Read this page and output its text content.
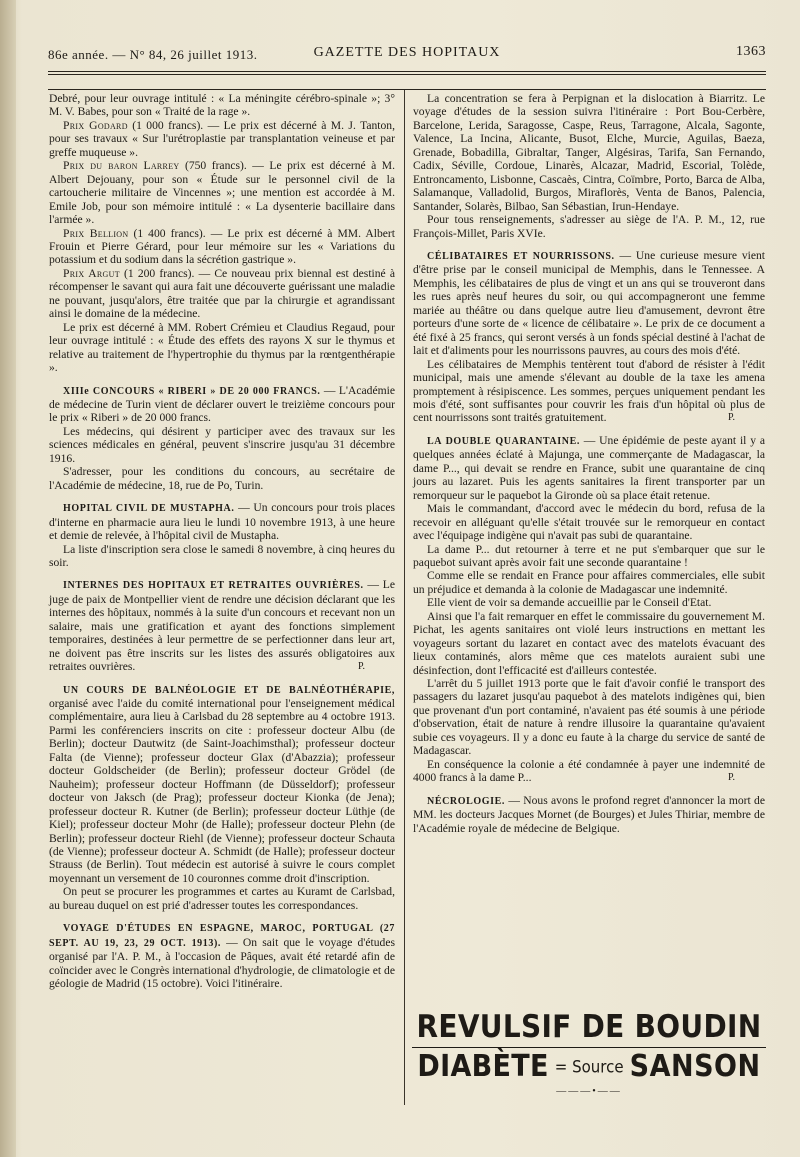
86e année. — N° 84, 26 juillet 1913.	GAZETTE DES HOPITAUX	1363

Debré, pour leur ouvrage intitulé : « La méningite cérébro-spinale »; 3° M. V. Babes, pour son « Traité de la rage ».

Prix Godard (1 000 francs). — Le prix est décerné à M. J. Tanton, pour ses travaux « Sur l'urétroplastie par transplantation veineuse et par greffe muqueuse ».

Prix du baron Larrey (750 francs). — Le prix est décerné à M. Albert Dejouany, pour son « Étude sur le personnel civil de la cartoucherie militaire de Vincennes »; une mention est accordée à M. Emile Job, pour son mémoire intitulé : « La dysenterie bacillaire dans l'armée ».

Prix Bellion (1 400 francs). — Le prix est décerné à MM. Albert Frouin et Pierre Gérard, pour leur mémoire sur les « Variations du potassium et du sodium dans la sécrétion gastrique ».

Prix Argut (1 200 francs). — Ce nouveau prix biennal est destiné à récompenser le savant qui aura fait une découverte guérissant une maladie ne pouvant, jusqu'alors, être traitée que par la chirurgie et agrandissant ainsi le domaine de la médecine.

Le prix est décerné à MM. Robert Crémieu et Claudius Regaud, pour leur ouvrage intitulé : « Étude des effets des rayons X sur le thymus et relative au traitement de l'hypertrophie du thymus par la rœntgenthérapie ».

XIIIe CONCOURS « RIBERI » DE 20 000 FRANCS. — L'Académie de médecine de Turin vient de déclarer ouvert le treizième concours pour le prix « Riberi » de 20 000 francs.

Les médecins, qui désirent y participer avec des travaux sur les sciences médicales en général, peuvent s'inscrire jusqu'au 31 décembre 1916.

S'adresser, pour les conditions du concours, au secrétaire de l'Académie de médecine, 18, rue de Po, Turin.

HOPITAL CIVIL DE MUSTAPHA. — Un concours pour trois places d'interne en pharmacie aura lieu le lundi 10 novembre 1913, à une heure et demie de relevée, à l'hôpital civil de Mustapha.

La liste d'inscription sera close le samedi 8 novembre, à cinq heures du soir.

INTERNES DES HOPITAUX ET RETRAITES OUVRIÈRES. — Le juge de paix de Montpellier vient de rendre une décision déclarant que les internes des hôpitaux, nommés à la suite d'un concours et recevant non un salaire, mais une gratification et ayant des fonctions simplement temporaires, destinées à leur permettre de se perfectionner dans leur art, ne doivent pas être inscrits sur les listes des assurés obligatoires aux retraites ouvrières.	P.

UN COURS DE BALNÉOLOGIE ET DE BALNÉOTHÉRAPIE, organisé avec l'aide du comité international pour l'enseignement médical complémentaire, aura lieu à Carlsbad du 28 septembre au 4 octobre 1913. Parmi les conférenciers inscrits on cite : professeur docteur Albu (de Berlin); docteur Dautwitz (de Saint-Joachimsthal); professeur docteur Falta (de Vienne); professeur docteur Glax (d'Abazzia); professeur docteur Goldscheider (de Berlin); professeur docteur Grödel (de Nauheim); professeur docteur Hoffmann (de Düsseldorf); professeur docteur von Jaksch (de Prag); professeur docteur Kionka (de Jena); professeur docteur R. Kutner (de Berlin); professeur docteur Lüthje (de Kiel); professeur docteur Mohr (de Halle); professeur docteur Plehn (de Berlin); professeur docteur Riehl (de Vienne); professeur docteur Schauta (de Vienne); professeur docteur A. Schmidt (de Halle); professeur docteur Strauss (de Berlin). Tout médecin est autorisé à suivre le cours complet moyennant un versement de 10 couronnes comme droit d'inscription.

On peut se procurer les programmes et cartes au Kuramt de Carlsbad, au bureau duquel on est prié d'adresser toutes les correspondances.

VOYAGE D'ÉTUDES EN ESPAGNE, MAROC, PORTUGAL (27 SEPT. AU 19, 23, 29 OCT. 1913). — On sait que le voyage d'études organisé par l'A. P. M., à l'occasion de Pâques, avait été retardé afin de coïncider avec le Congrès international d'hydrologie, de climatologie et de géologie de Madrid (15 octobre). Voici l'itinéraire.

La concentration se fera à Perpignan et la dislocation à Biarritz. Le voyage d'études de la session suivra l'itinéraire : Port Bou-Cerbère, Barcelone, Lerida, Saragosse, Caspe, Reus, Tarragone, Alcala, Sagonte, Valence, La Incina, Alicante, Busot, Elche, Murcie, Aguilas, Baeza, Grenade, Bobadilla, Gibraltar, Tanger, Algésiras, Tarifa, San Fernando, Cadix, Séville, Cordoue, Linarès, Alcazar, Madrid, Escorial, Tolède, Entroncamento, Lisbonne, Cascaès, Cintra, Coïmbre, Porto, Barca de Alba, Salamanque, Valladolid, Burgos, Miraflorès, Venta de Banos, Palencia, Santander, Solarès, Bilbao, San Sébastian, Irun-Hendaye.

Pour tous renseignements, s'adresser au siège de l'A. P. M., 12, rue François-Millet, Paris XVIe.

CÉLIBATAIRES ET NOURRISSONS. — Une curieuse mesure vient d'être prise par le conseil municipal de Memphis, dans le Tennessee. A Memphis, les célibataires de plus de vingt et un ans qui se trouveront dans les rues après neuf heures du soir, ou qui accompagneront une femme mariée au théâtre ou dans quelque autre lieu d'amusement, devront être porteurs d'une sorte de « licence de célibataire ». Le prix de ce document a été fixé à 25 francs, qui seront versés à un fonds spécial destiné à l'achat de lait et d'aliments pour les nourrissons pauvres, au cours des mois d'été.

Les célibataires de Memphis tentèrent tout d'abord de résister à l'édit municipal, mais une amende s'élevant au double de la taxe les amena promptement à résipiscence. Les sommes, perçues uniquement pendant les mois d'été, sont suffisantes pour couvrir les frais d'un hôpital où plus de cent nourrissons sont traités gratuitement.	P.

LA DOUBLE QUARANTAINE. — Une épidémie de peste ayant il y a quelques années éclaté à Majunga, une commerçante de Madagascar, la dame P..., qui devait se rendre en France, subit une quarantaine de cinq jours au lazaret. Puis les agents sanitaires la firent transporter par un remorqueur sur le paquebot la Gironde où sa place était retenue.

Mais le commandant, d'accord avec le médecin du bord, refusa de la recevoir en alléguant qu'elle s'était trouvée sur le remorqueur en contact avec l'équipage indigène qui n'avait pas subi de quarantaine.

La dame P... dut retourner à terre et ne put s'embarquer que sur le paquebot suivant après avoir fait une seconde quarantaine !

Comme elle se rendait en France pour affaires commerciales, elle subit un préjudice et demanda à la colonie de Madagascar une indemnité.

Elle vient de voir sa demande accueillie par le Conseil d'Etat.

Ainsi que l'a fait remarquer en effet le commissaire du gouvernement M. Pichat, les agents sanitaires ont violé leurs instructions en mettant les voyageurs sortant du lazaret en contact avec des matelots évacuant des lieux contaminés, alors même que ces matelots auraient subi une désinfection, dont l'efficacité est d'ailleurs contestée.

L'arrêt du 5 juillet 1913 porte que le fait d'avoir confié le transport des passagers du lazaret jusqu'au paquebot à des matelots indigènes qui, bien que provenant d'un port contaminé, n'avaient pas été soumis à une période d'observation, était de nature à rendre illusoire la quarantaine qu'avaient subie ces voyageurs. Il y a donc eu faute à la charge du service de santé de Madagascar.

En conséquence la colonie a été condamnée à payer une indemnité de 4000 francs à la dame P...	P.

NÉCROLOGIE. — Nous avons le profond regret d'annoncer la mort de MM. les docteurs Jacques Mornet (de Bourges) et Jules Thiriar, membre de l'Académie royale de médecine de Belgique.

REVULSIF DE BOUDIN
DIABÈTE = Source SANSON
———•——
